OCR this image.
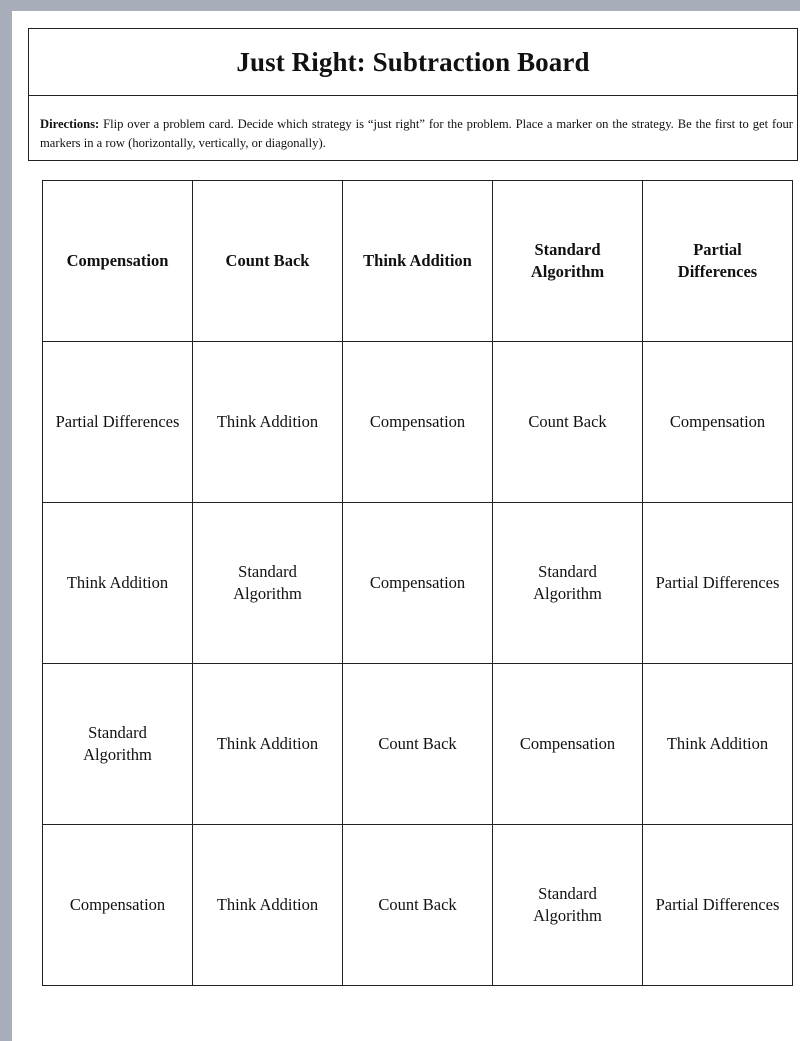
Just Right: Subtraction Board
Directions: Flip over a problem card. Decide which strategy is “just right” for the problem. Place a marker on the strategy. Be the first to get four markers in a row (horizontally, vertically, or diagonally).
Compensation	Count Back	Think Addition	Standard Algorithm	Partial Differences
Partial Differences	Think Addition	Compensation	Count Back	Compensation
Think Addition	Standard Algorithm	Compensation	Standard Algorithm	Partial Differences
Standard Algorithm	Think Addition	Count Back	Compensation	Think Addition
Compensation	Think Addition	Count Back	Standard Algorithm	Partial Differences
